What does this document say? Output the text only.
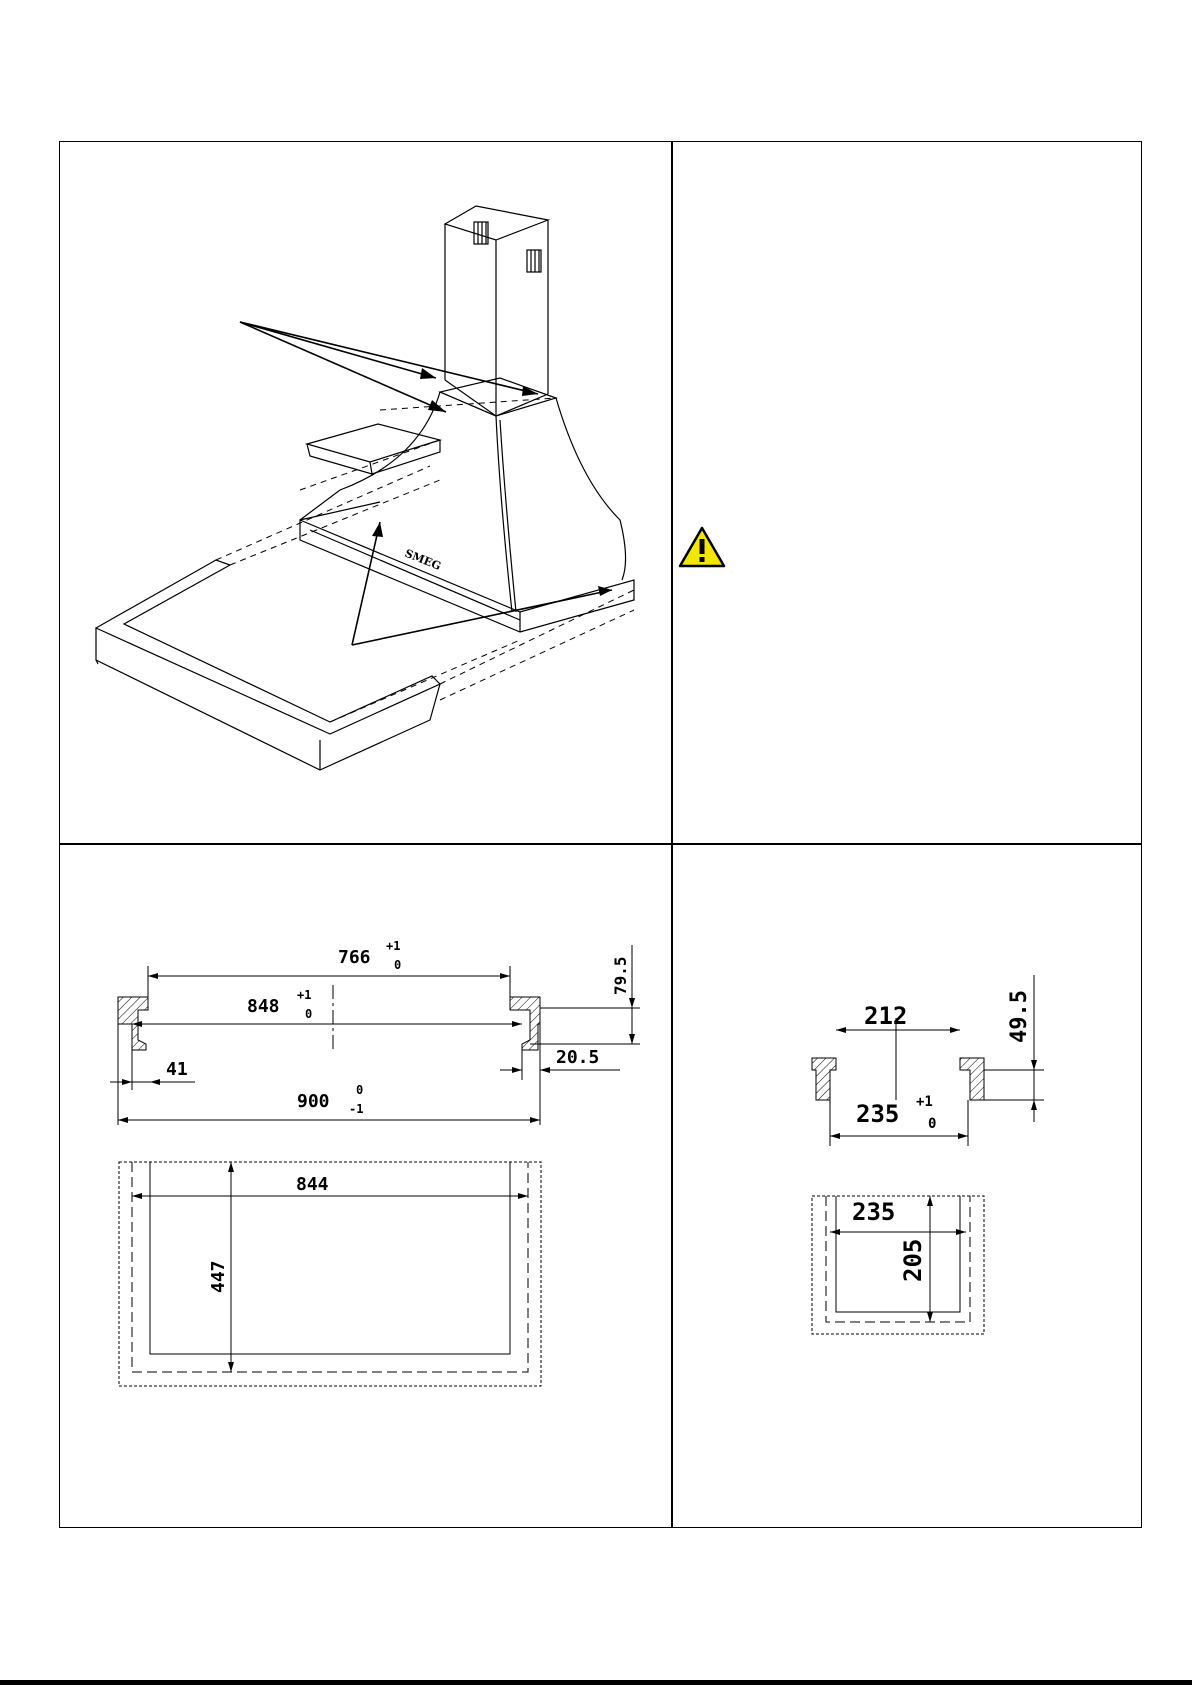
SMEG
766
+1
0
848
+1
0
41
20.5
79.5
900
0
-1
844
447
212	49.5
235 +1
0
235
205
